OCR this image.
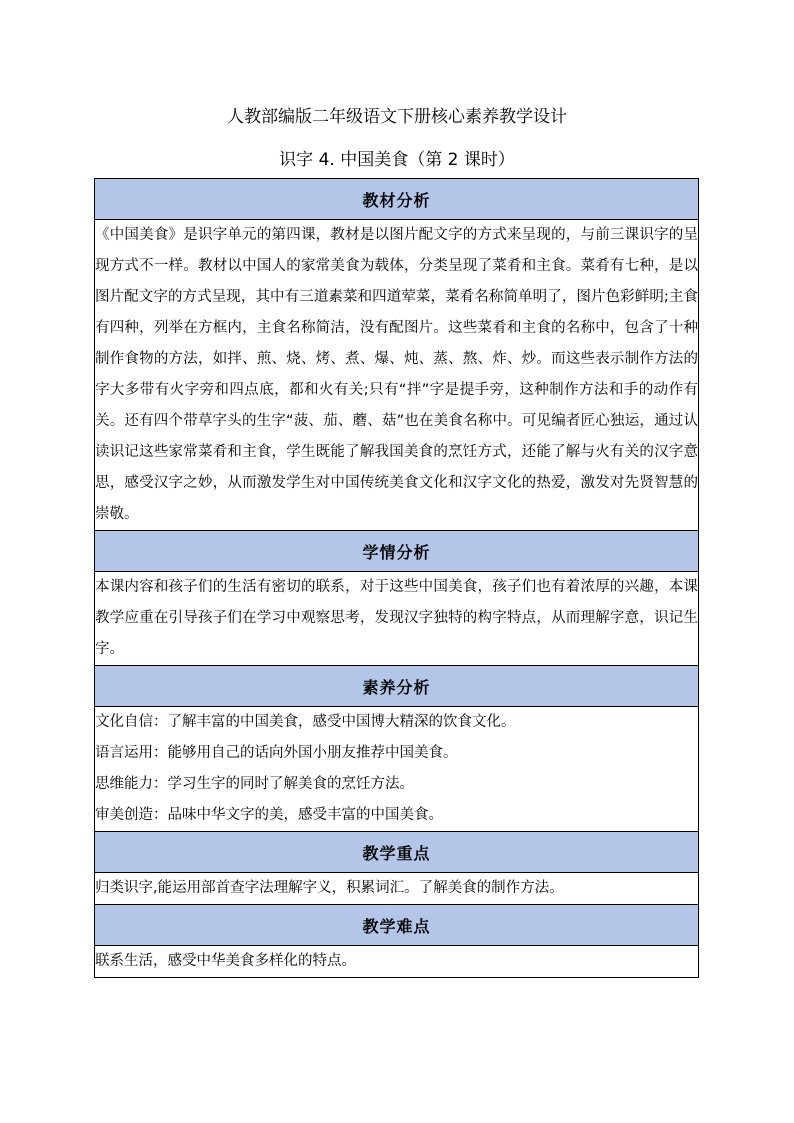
人教部编版二年级语文下册核心素养教学设计
识字 4. 中国美食（第 2 课时）
教材分析

《中国美食》是识字单元的第四课，教材是以图片配文字的方式来呈现的，与前三课识字的呈现方式不一样。教材以中国人的家常美食为载体，分类呈现了菜肴和主食。菜肴有七种，是以图片配文字的方式呈现，其中有三道素菜和四道荤菜，菜肴名称简单明了，图片色彩鲜明;主食有四种，列举在方框内，主食名称简洁，没有配图片。这些菜肴和主食的名称中，包含了十种制作食物的方法，如拌、煎、烧、烤、煮、爆、炖、蒸、熬、炸、炒。而这些表示制作方法的字大多带有火字旁和四点底，都和火有关;只有“拌”字是提手旁，这种制作方法和手的动作有关。还有四个带草字头的生字“菠、茄、蘑、菇”也在美食名称中。可见编者匠心独运，通过认读识记这些家常菜肴和主食，学生既能了解我国美食的烹饪方式，还能了解与火有关的汉字意思，感受汉字之妙，从而激发学生对中国传统美食文化和汉字文化的热爱，激发对先贤智慧的崇敬。

学情分析

本课内容和孩子们的生活有密切的联系，对于这些中国美食，孩子们也有着浓厚的兴趣，本课教学应重在引导孩子们在学习中观察思考，发现汉字独特的构字特点，从而理解字意，识记生字。

素养分析

文化自信：了解丰富的中国美食，感受中国博大精深的饮食文化。

语言运用：能够用自己的话向外国小朋友推荐中国美食。

思维能力：学习生字的同时了解美食的烹饪方法。

审美创造：品味中华文字的美，感受丰富的中国美食。

教学重点

归类识字,能运用部首查字法理解字义，积累词汇。了解美食的制作方法。

教学难点

联系生活，感受中华美食多样化的特点。
